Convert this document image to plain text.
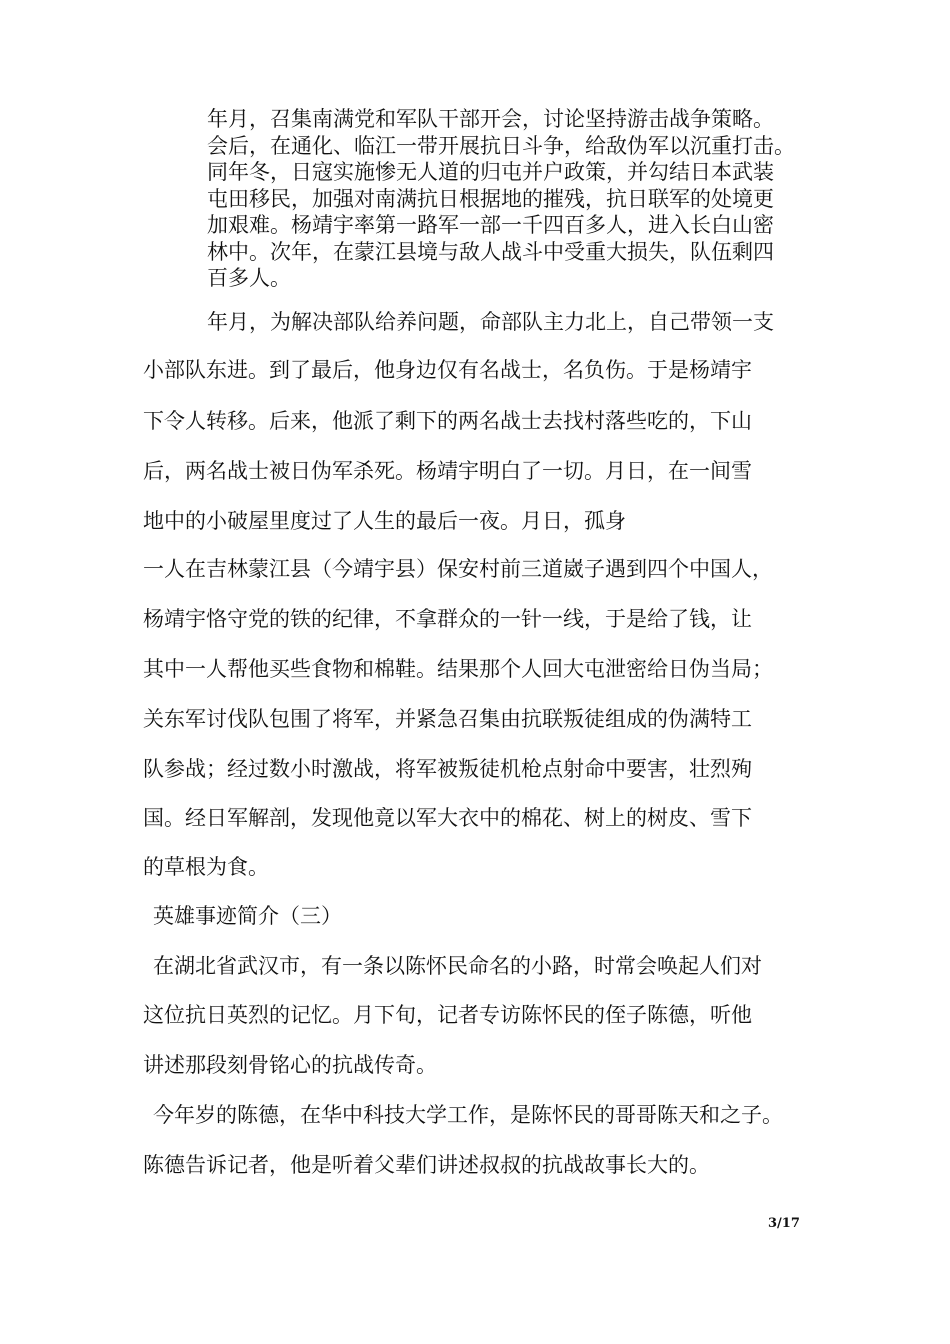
年月，召集南满党和军队干部开会，讨论坚持游击战争策略。
会后，在通化、临江一带开展抗日斗争，给敌伪军以沉重打击。
同年冬，日寇实施惨无人道的归屯并户政策，并勾结日本武装
屯田移民，加强对南满抗日根据地的摧残，抗日联军的处境更
加艰难。杨靖宇率第一路军一部一千四百多人，进入长白山密
林中。次年，在蒙江县境与敌人战斗中受重大损失，队伍剩四
百多人。
年月，为解决部队给养问题，命部队主力北上，自己带领一支
小部队东进。到了最后，他身边仅有名战士，名负伤。于是杨靖宇
下令人转移。后来，他派了剩下的两名战士去找村落些吃的，下山
后，两名战士被日伪军杀死。杨靖宇明白了一切。月日，在一间雪
地中的小破屋里度过了人生的最后一夜。月日，孤身
一人在吉林蒙江县（今靖宇县）保安村前三道崴子遇到四个中国人，
杨靖宇恪守党的铁的纪律，不拿群众的一针一线，于是给了钱，让
其中一人帮他买些食物和棉鞋。结果那个人回大屯泄密给日伪当局；
关东军讨伐队包围了将军，并紧急召集由抗联叛徒组成的伪满特工
队参战；经过数小时激战，将军被叛徒机枪点射命中要害，壮烈殉
国。经日军解剖，发现他竟以军大衣中的棉花、树上的树皮、雪下
的草根为食。
英雄事迹简介（三）
在湖北省武汉市，有一条以陈怀民命名的小路，时常会唤起人们对
这位抗日英烈的记忆。月下旬，记者专访陈怀民的侄子陈德，听他
讲述那段刻骨铭心的抗战传奇。
今年岁的陈德，在华中科技大学工作，是陈怀民的哥哥陈天和之子。
陈德告诉记者，他是听着父辈们讲述叔叔的抗战故事长大的。
3/17
